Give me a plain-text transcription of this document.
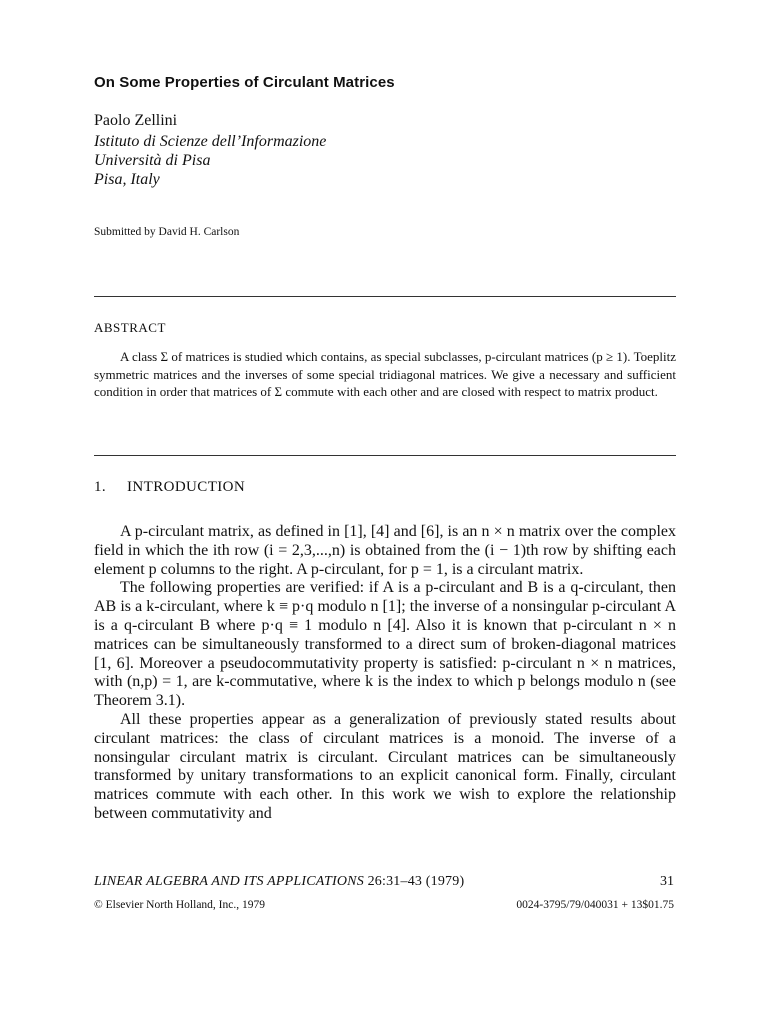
On Some Properties of Circulant Matrices
Paolo Zellini
Istituto di Scienze dell’Informazione
Università di Pisa
Pisa, Italy
Submitted by David H. Carlson
ABSTRACT

A class Σ of matrices is studied which contains, as special subclasses, p-circulant matrices (p ≥ 1). Toeplitz symmetric matrices and the inverses of some special tridiagonal matrices. We give a necessary and sufficient condition in order that matrices of Σ commute with each other and are closed with respect to matrix product.

1. INTRODUCTION

A p-circulant matrix, as defined in [1], [4] and [6], is an n × n matrix over the complex field in which the ith row (i = 2,3,...,n) is obtained from the (i − 1)th row by shifting each element p columns to the right. A p-circulant, for p = 1, is a circulant matrix.

The following properties are verified: if A is a p-circulant and B is a q-circulant, then AB is a k-circulant, where k ≡ p·q modulo n [1]; the inverse of a nonsingular p-circulant A is a q-circulant B where p·q ≡ 1 modulo n [4]. Also it is known that p-circulant n × n matrices can be simultaneously transformed to a direct sum of broken-diagonal matrices [1, 6]. Moreover a pseudocommutativity property is satisfied: p-circulant n × n matrices, with (n,p) = 1, are k-commutative, where k is the index to which p belongs modulo n (see Theorem 3.1).

All these properties appear as a generalization of previously stated results about circulant matrices: the class of circulant matrices is a monoid. The inverse of a nonsingular circulant matrix is circulant. Circulant matrices can be simultaneously transformed by unitary transformations to an explicit canonical form. Finally, circulant matrices commute with each other. In this work we wish to explore the relationship between commutativity and

LINEAR ALGEBRA AND ITS APPLICATIONS 26:31–43 (1979)	31
© Elsevier North Holland, Inc., 1979	0024-3795/79/040031 + 13$01.75
